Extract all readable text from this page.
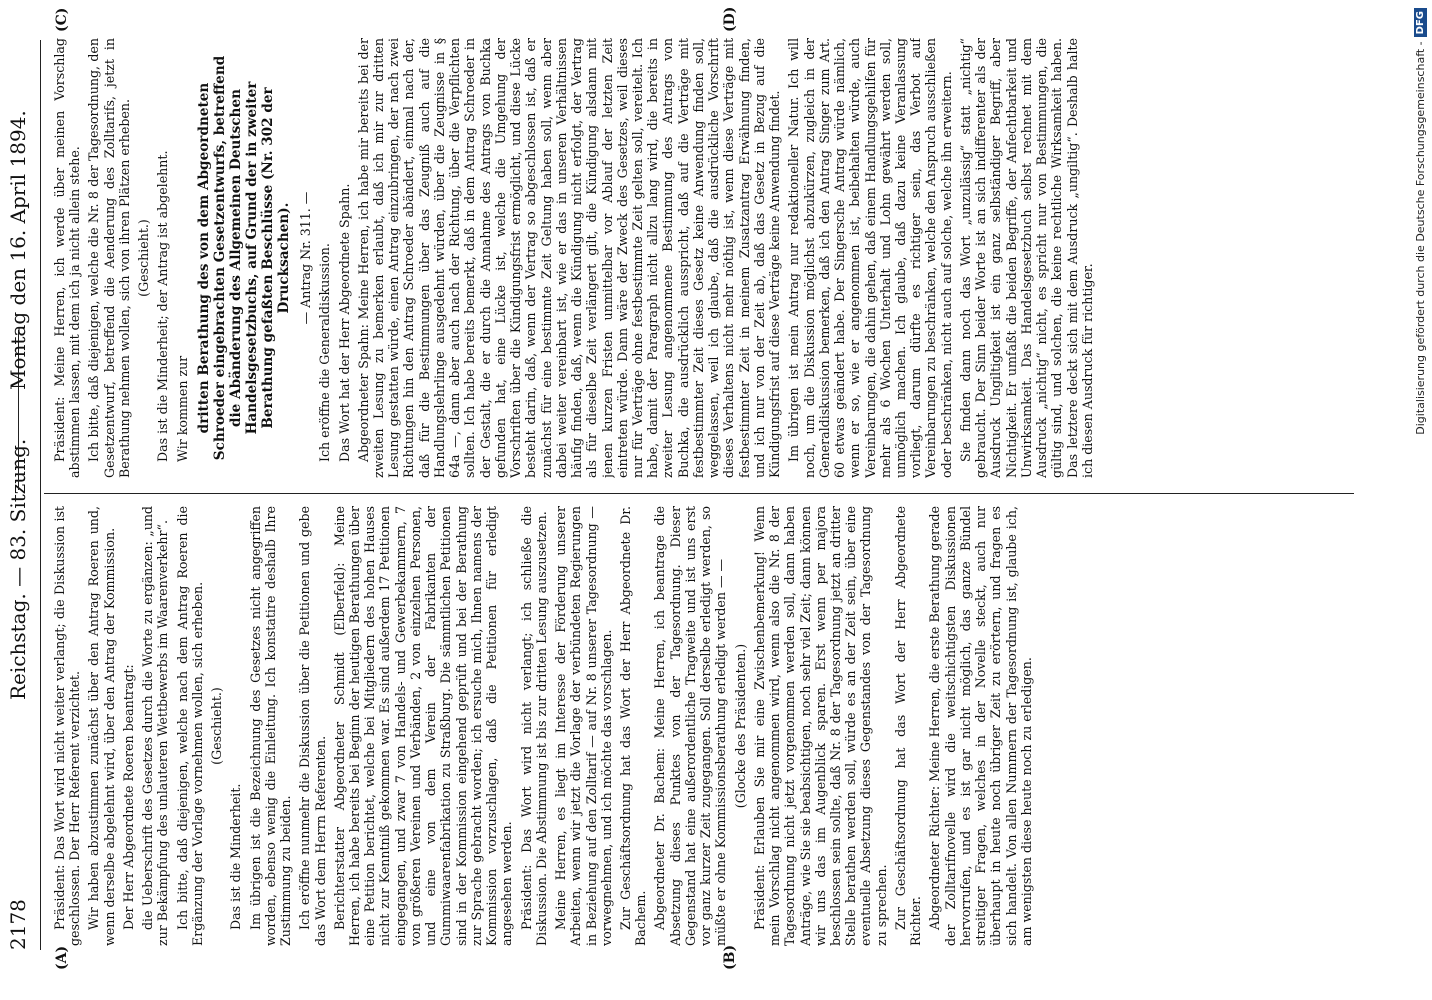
2178
Reichstag. — 83. Sitzung.
Montag den 16. April 1894.
(A)	(B)
(C)	(D)

Präsident: Das Wort wird nicht weiter verlangt; die Diskussion ist geschlossen. Der Herr Referent verzichtet. Wir haben abzustimmen zunächst über den Antrag Roeren und, wenn derselbe abgelehnt wird, über den Antrag der Kommission. Der Herr Abgeordnete Roeren beantragt: die Ueberschrift des Gesetzes durch die Worte zu ergänzen: „und zur Bekämpfung des unlauteren Wettbewerbs im Waarenverkehr“. Ich bitte, daß diejenigen, welche nach dem Antrag Roeren die Ergänzung der Vorlage vornehmen wollen, sich erheben. (Geschieht.)

Das ist die Minderheit. Im übrigen ist die Bezeichnung des Gesetzes nicht angegriffen worden, ebenso wenig die Einleitung. Ich konstatire deshalb Ihre Zustimmung zu beiden. Ich eröffne nunmehr die Diskussion über die Petitionen und gebe das Wort dem Herrn Referenten. Berichterstatter Abgeordneter Schmidt (Elberfeld): Meine Herren, ich habe bereits bei Beginn der heutigen Berathungen über eine Petition berichtet, welche bei Mitgliedern des hohen Hauses nicht zur Kenntniß gekommen war. Es sind außerdem 17 Petitionen eingegangen, und zwar 7 von Handels- und Gewerbekammern, 7 von größeren Vereinen und Verbänden, 2 von einzelnen Personen, und eine von dem Verein der Fabrikanten der Gummiwaarenfabrikation zu Straßburg. Die sämmtlichen Petitionen sind in der Kommission eingehend geprüft und bei der Berathung zur Sprache gebracht worden; ich ersuche mich, Ihnen namens der Kommission vorzuschlagen, daß die Petitionen für erledigt angesehen werden. Präsident: Das Wort wird nicht verlangt; ich schließe die Diskussion. Die Abstimmung ist bis zur dritten Lesung auszusetzen. Meine Herren, es liegt im Interesse der Förderung unserer Arbeiten, wenn wir jetzt die Vorlage der verbündeten Regierungen in Beziehung auf den Zolltarif — auf Nr. 8 unserer Tagesordnung — vorwegnehmen, und ich möchte das vorschlagen. Zur Geschäftsordnung hat das Wort der Herr Abgeordnete Dr. Bachem. Abgeordneter Dr. Bachem: Meine Herren, ich beantrage die Absetzung dieses Punktes von der Tagesordnung. Dieser Gegenstand hat eine außerordentliche Tragweite und ist uns erst vor ganz kurzer Zeit zugegangen. Soll derselbe erledigt werden, so müßte er ohne Kommissionsberathung erledigt werden — — (Glocke des Präsidenten.) Präsident: Erlauben Sie mir eine Zwischenbemerkung! Wenn mein Vorschlag nicht angenommen wird, wenn also die Nr. 8 der Tagesordnung nicht jetzt vorgenommen werden soll, dann haben Anträge, wie Sie sie beabsichtigen, noch sehr viel Zeit; dann können wir uns das im Augenblick sparen. Erst wenn per majora beschlossen sein sollte, daß Nr. 8 der Tagesordnung jetzt an dritter Stelle berathen werden soll, würde es an der Zeit sein, über eine eventuelle Absetzung dieses Gegenstandes von der Tagesordnung zu sprechen. Zur Geschäftsordnung hat das Wort der Herr Abgeordnete Richter. Abgeordneter Richter: Meine Herren, die erste Berathung gerade der Zolltarifnovelle wird die weitschichtigsten Diskussionen hervorrufen, und es ist gar nicht möglich, das ganze Bündel streitiger Fragen, welches in der Novelle steckt, auch nur überhaupt in heute noch übriger Zeit zu erörtern, und fragen es sich handelt. Von allen Nummern der Tagesordnung ist, glaube ich, am wenigsten diese heute noch zu erledigen.

Präsident: Meine Herren, ich werde über meinen Vorschlag abstimmen lassen, mit dem ich ja nicht allein stehe. Ich bitte, daß diejenigen, welche die Nr. 8 der Tagesordnung, den Gesetzentwurf, betreffend die Aenderung des Zolltarifs, jetzt in Berathung nehmen wollen, sich von ihren Plätzen erheben. (Geschieht.) Das ist die Minderheit; der Antrag ist abgelehnt. Wir kommen zur dritten Berathung des von dem Abgeordneten Schroeder eingebrachten Gesetzentwurfs, betreffend die Abänderung des Allgemeinen Deutschen Handelsgesetzbuchs, auf Grund der in zweiter Berathung gefaßten Beschlüsse (Nr. 302 der Drucksachen). — Antrag Nr. 311. — Ich eröffne die Generaldiskussion. Das Wort hat der Herr Abgeordnete Spahn. Abgeordneter Spahn: Meine Herren, ich habe mir bereits bei der zweiten Lesung zu bemerken erlaubt, daß ich mir zur dritten Lesung gestatten würde, einen Antrag einzubringen, der nach zwei Richtungen hin den Antrag Schroeder abändert, einmal nach der, daß für die Bestimmungen über das Zeugniß auch auf die Handlungslehrlinge ausgedehnt würden, über die Zeugnisse in § 64a —, dann aber auch nach der Richtung, über die Verpflichten sollten. Ich habe bereits bemerkt, daß in dem Antrag Schroeder in der Gestalt, die er durch die Annahme des Antrags von Buchka gefunden hat, eine Lücke ist, welche die Umgehung der Vorschriften über die Kündigungsfrist ermöglicht, und diese Lücke besteht darin, daß, wenn der Vertrag so abgeschlossen ist, daß er zunächst für eine bestimmte Zeit Geltung haben soll, wenn aber dabei weiter vereinbart ist, wie er das in unseren Verhältnissen häufig finden, daß, wenn die Kündigung nicht erfolgt, der Vertrag als für dieselbe Zeit verlängert gilt, die Kündigung alsdann mit jenen kurzen Fristen unmittelbar vor Ablauf der letzten Zeit eintreten würde. Dann wäre der Zweck des Gesetzes, weil dieses nur für Verträge ohne festbestimmte Zeit gelten soll, vereitelt. Ich habe, damit der Paragraph nicht allzu lang wird, die bereits in zweiter Lesung angenommene Bestimmung des Antrags von Buchka, die ausdrücklich ausspricht, daß auf die Verträge mit festbestimmter Zeit dieses Gesetz keine Anwendung finden soll, weggelassen, weil ich glaube, daß die ausdrückliche Vorschrift dieses Verhaltens nicht mehr nöthig ist, wenn diese Verträge mit festbestimmter Zeit in meinem Zusatzantrag Erwähnung finden, und ich nur von der Zeit ab, daß das Gesetz in Bezug auf die Kündigungsfrist auf diese Verträge keine Anwendung findet. Im übrigen ist mein Antrag nur redaktioneller Natur. Ich will noch, um die Diskussion möglichst abzukürzen, zugleich in der Generaldiskussion bemerken, daß ich den Antrag Singer zum Art. 60 etwas geändert habe. Der Singersche Antrag würde nämlich, wenn er so, wie er angenommen ist, beibehalten würde, auch Vereinbarungen, die dahin gehen, daß einem Handlungsgehilfen für mehr als 6 Wochen Unterhalt und Lohn gewährt werden soll, unmöglich machen. Ich glaube, daß dazu keine Veranlassung vorliegt, darum dürfte es richtiger sein, das Verbot auf Vereinbarungen zu beschränken, welche den Anspruch ausschließen oder beschränken, nicht auch auf solche, welche ihn erweitern. Sie finden dann noch das Wort „unzulässig“ statt „nichtig“ gebraucht. Der Sinn beider Worte ist an sich indifferenter als der Ausdruck Ungiltigkeit ist ein ganz selbständiger Begriff, aber Nichtigkeit. Er umfaßt die beiden Begriffe, der Anfechtbarkeit und Unwirksamkeit. Das Handelsgesetzbuch selbst rechnet mit dem Ausdruck „nichtig“ nicht, es spricht nur von Bestimmungen, die gültig sind, und solchen, die keine rechtliche Wirksamkeit haben. Das letztere deckt sich mit dem Ausdruck „ungiltig“. Deshalb halte ich diesen Ausdruck für richtiger.	Digitalisierung gefördert durch die Deutsche Forschungsgemeinschaft -
DFG
